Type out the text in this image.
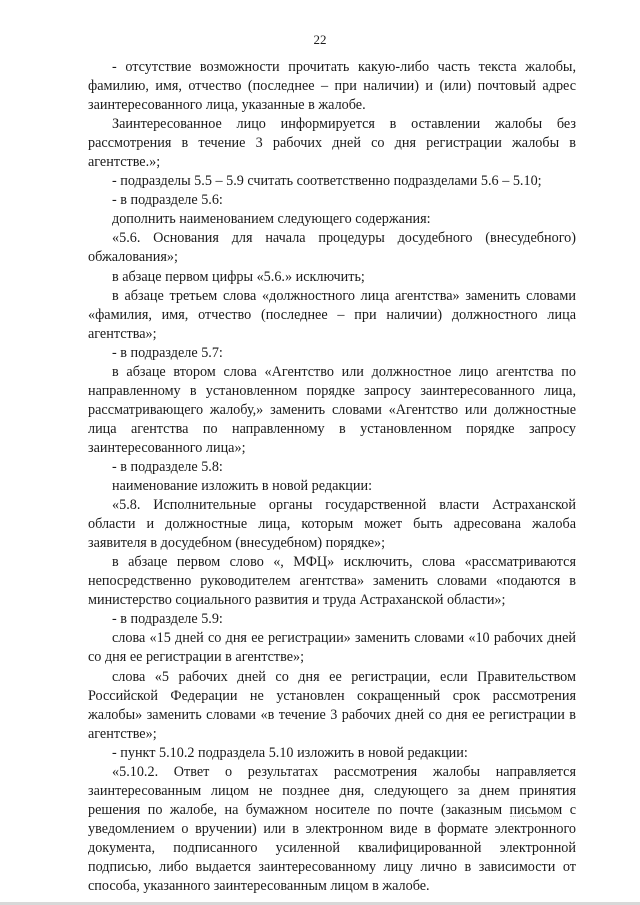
22

- отсутствие возможности прочитать какую-либо часть текста жалобы, фамилию, имя, отчество (последнее – при наличии) и (или) почтовый адрес заинтересованного лица, указанные в жалобе.

Заинтересованное лицо информируется в оставлении жалобы без рассмотрения в течение 3 рабочих дней со дня регистрации жалобы в агентстве.»;

- подразделы 5.5 – 5.9 считать соответственно подразделами 5.6 – 5.10;

- в подразделе 5.6:

дополнить наименованием следующего содержания:

«5.6. Основания для начала процедуры досудебного (внесудебного) обжалования»;

в абзаце первом цифры «5.6.» исключить;

в абзаце третьем слова «должностного лица агентства» заменить словами «фамилия, имя, отчество (последнее – при наличии) должностного лица агентства»;

- в подразделе 5.7:

в абзаце втором слова «Агентство или должностное лицо агентства по направленному в установленном порядке запросу заинтересованного лица, рассматривающего жалобу,» заменить словами «Агентство или должностные лица агентства по направленному в установленном порядке запросу заинтересованного лица»;

- в подразделе 5.8:

наименование изложить в новой редакции:

«5.8. Исполнительные органы государственной власти Астраханской области и должностные лица, которым может быть адресована жалоба заявителя в досудебном (внесудебном) порядке»;

в абзаце первом слово «, МФЦ» исключить, слова «рассматриваются непосредственно руководителем агентства» заменить словами «подаются в министерство социального развития и труда Астраханской области»;

- в подразделе 5.9:

слова «15 дней со дня ее регистрации» заменить словами «10 рабочих дней со дня ее регистрации в агентстве»;

слова «5 рабочих дней со дня ее регистрации, если Правительством Российской Федерации не установлен сокращенный срок рассмотрения жалобы» заменить словами «в течение 3 рабочих дней со дня ее регистрации в агентстве»;

- пункт 5.10.2 подраздела 5.10 изложить в новой редакции:

«5.10.2. Ответ о результатах рассмотрения жалобы направляется заинтересованным лицом не позднее дня, следующего за днем принятия решения по жалобе, на бумажном носителе по почте (заказным письмом с уведомлением о вручении) или в электронном виде в формате электронного документа, подписанного усиленной квалифицированной электронной подписью, либо выдается заинтересованному лицу лично в зависимости от способа, указанного заинтересованным лицом в жалобе.
